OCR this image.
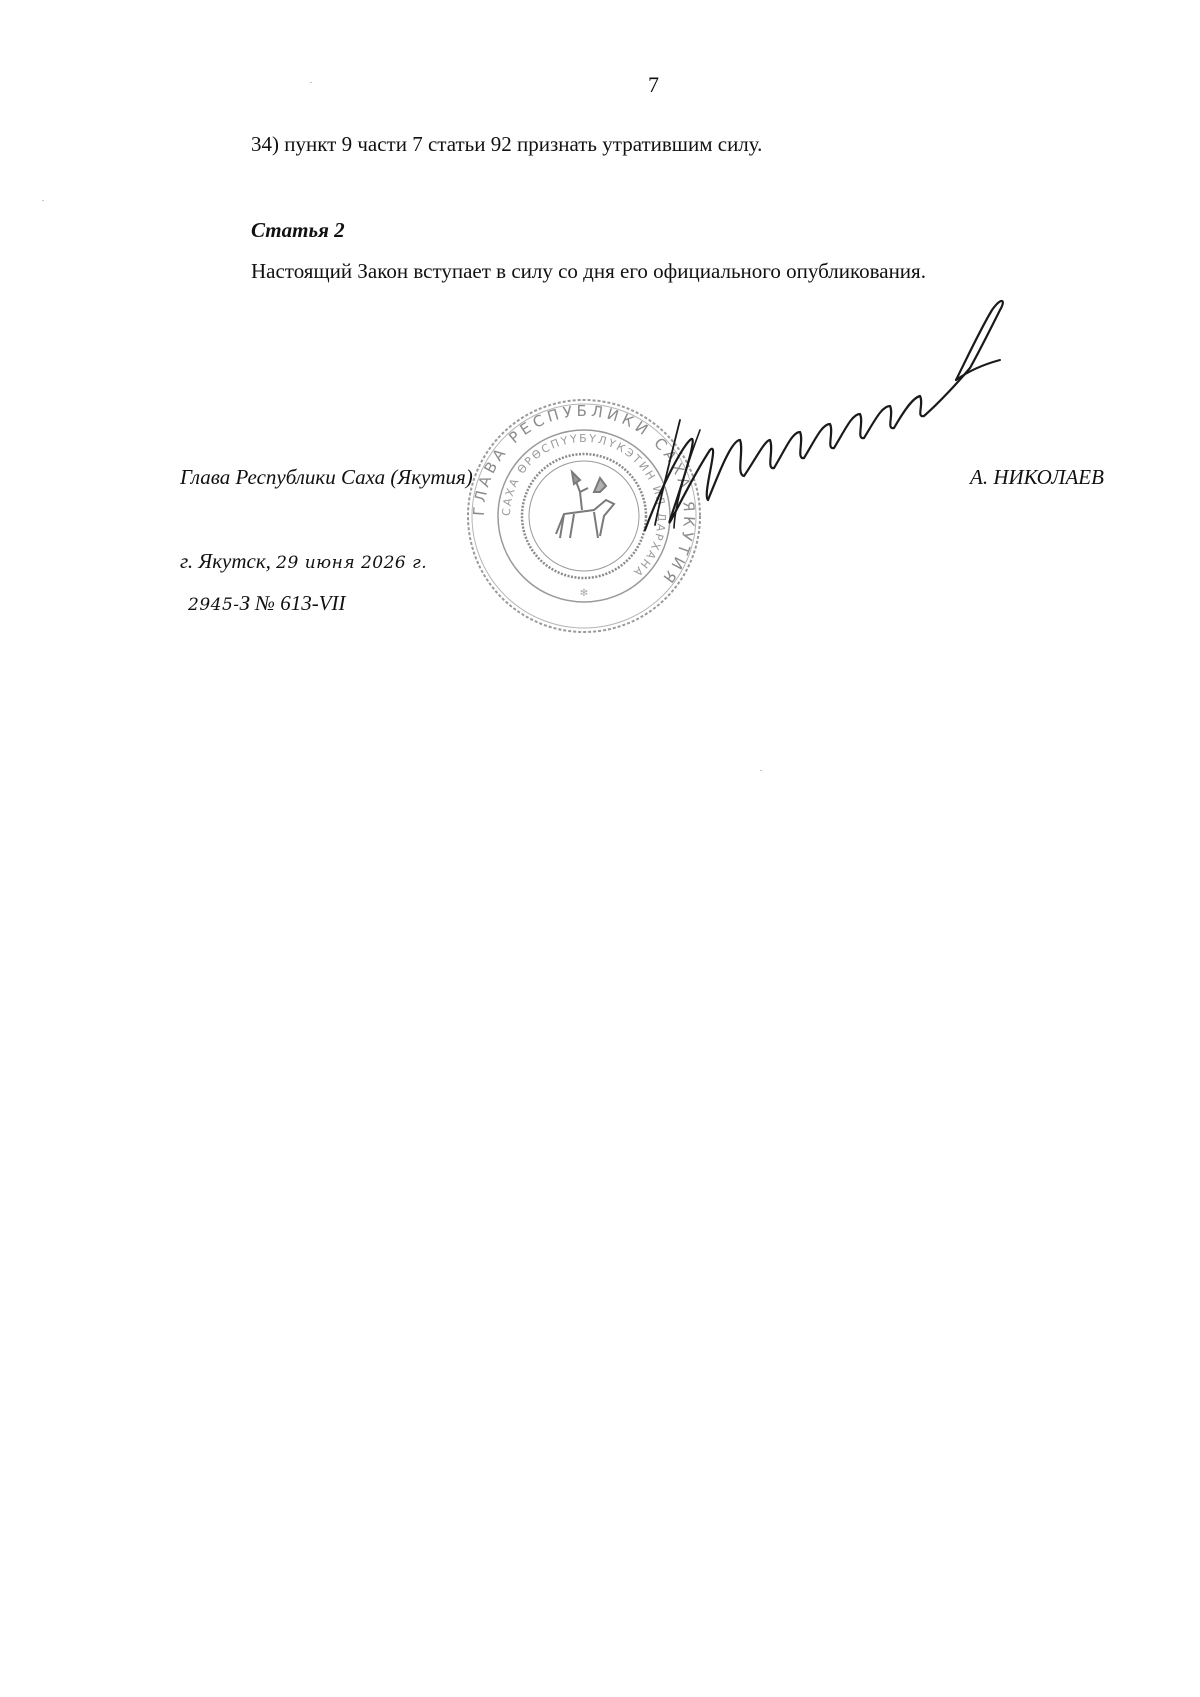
7
34) пункт 9 части 7 статьи 92 признать утратившим силу.
Статья 2
Настоящий Закон вступает в силу со дня его официального опубликования.
ГЛАВА РЕСПУБЛИКИ САХА ЯКУТИЯ
САХА ӨРӨСПҮҮБҮЛҮКЭТИН ИЛ ДАРХАНА
✻
Глава Республики Саха (Якутия)	А. НИКОЛАЕВ
г. Якутск, 29 июня 2026 г.
2945-З № 613-VII
